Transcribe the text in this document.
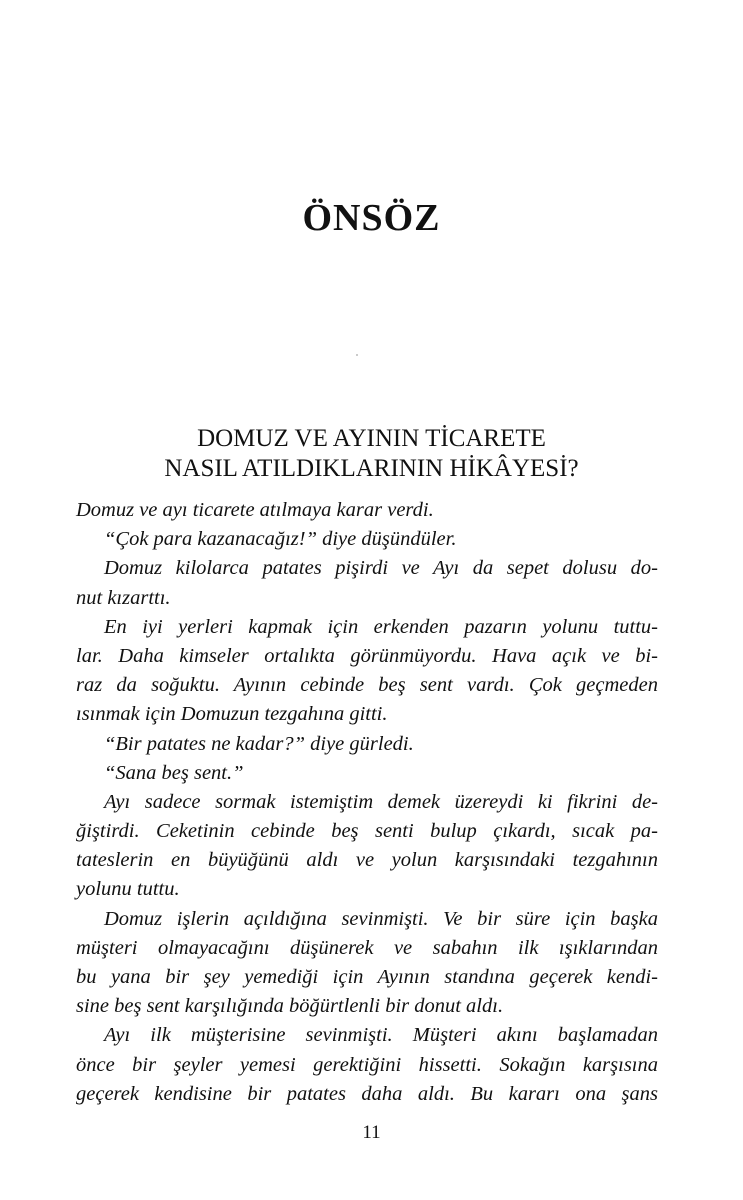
ÖNSÖZ
DOMUZ VE AYININ TİCARETE
NASIL ATILDIKLARININ HİKÂYESİ?
Domuz ve ayı ticarete atılmaya karar verdi.
“Çok para kazanacağız!” diye düşündüler.
Domuz kilolarca patates pişirdi ve Ayı da sepet dolusu do-
nut kızarttı.
En iyi yerleri kapmak için erkenden pazarın yolunu tuttu-
lar. Daha kimseler ortalıkta görünmüyordu. Hava açık ve bi-
raz da soğuktu. Ayının cebinde beş sent vardı. Çok geçmeden
ısınmak için Domuzun tezgahına gitti.
“Bir patates ne kadar?” diye gürledi.
“Sana beş sent.”
Ayı sadece sormak istemiştim demek üzereydi ki fikrini de-
ğiştirdi. Ceketinin cebinde beş senti bulup çıkardı, sıcak pa-
tateslerin en büyüğünü aldı ve yolun karşısındaki tezgahının
yolunu tuttu.
Domuz işlerin açıldığına sevinmişti. Ve bir süre için başka
müşteri olmayacağını düşünerek ve sabahın ilk ışıklarından
bu yana bir şey yemediği için Ayının standına geçerek kendi-
sine beş sent karşılığında böğürtlenli bir donut aldı.
Ayı ilk müşterisine sevinmişti. Müşteri akını başlamadan
önce bir şeyler yemesi gerektiğini hissetti. Sokağın karşısına
geçerek kendisine bir patates daha aldı. Bu kararı ona şans

11
